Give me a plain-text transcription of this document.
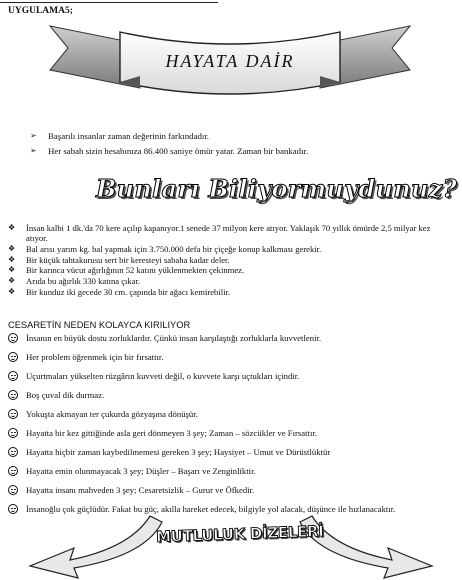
UYGULAMA5;
HAYATA DAİR
➢	Başarılı insanlar zaman değerinin farkındadır.
➢	Her sabah sizin hesabınıza 86.400 saniye ömür yatar. Zaman bir bankadır.
Bunları Biliyormuydunuz?
❖	İnsan kalbi 1 dk.'da 70 kere açılıp kapanıyor.1 senede 37 milyon kere atıyor. Yaklaşık 70 yıllık ömürde 2,5 milyar kez atıyor.
❖	Bal arısı yarım kg. bal yapmak için 3.750.000 defa bir çiçeğe konup kalkması gerekir.
❖	Bir küçük tahtakurusu sert bir keresteyi sabaha kadar deler.
❖	Bir karınca vücut ağırlığının 52 katını yüklenmekten çekinmez.
❖	Arıda bu ağırlık 330 katına çıkar.
❖	Bir kunduz iki gecede 30 cm. çapında bir ağacı kemirebilir.
CESARETİN NEDEN KOLAYCA KIRILIYOR
İnsanın en büyük dostu zorluklardır. Çünkü insan karşılaştığı zorluklarla kuvvetlenir.
Her problem öğrenmek için bir fırsattır.
Uçurtmaları yükselten rüzgârın kuvveti değil, o kuvvete karşı uçtukları içindir.
Boş çuval dik durmaz.
Yokuşta akmayan ter çukurda gözyaşına dönüşür.
Hayatta bir kez gittiğinde asla geri dönmeyen 3 şey; Zaman – sözcükler ve Fırsattır.
Hayatta hiçbir zaman kaybedilmemesi gereken 3 şey; Haysiyet – Umut ve Dürüstlüktür
Hayatta emin olunmayacak 3 şey; Düşler – Başarı ve Zenginliktir.
Hayatta insanı mahveden 3 şey; Cesaretsizlik – Gurur ve Öfkedir.
İnsanoğlu çok güçlüdür. Fakat bu güç, akılla hareket edecek, bilgiyle yol alacak, düşünce ile hızlanacaktır.
MUTLULUK DİZELERİ
